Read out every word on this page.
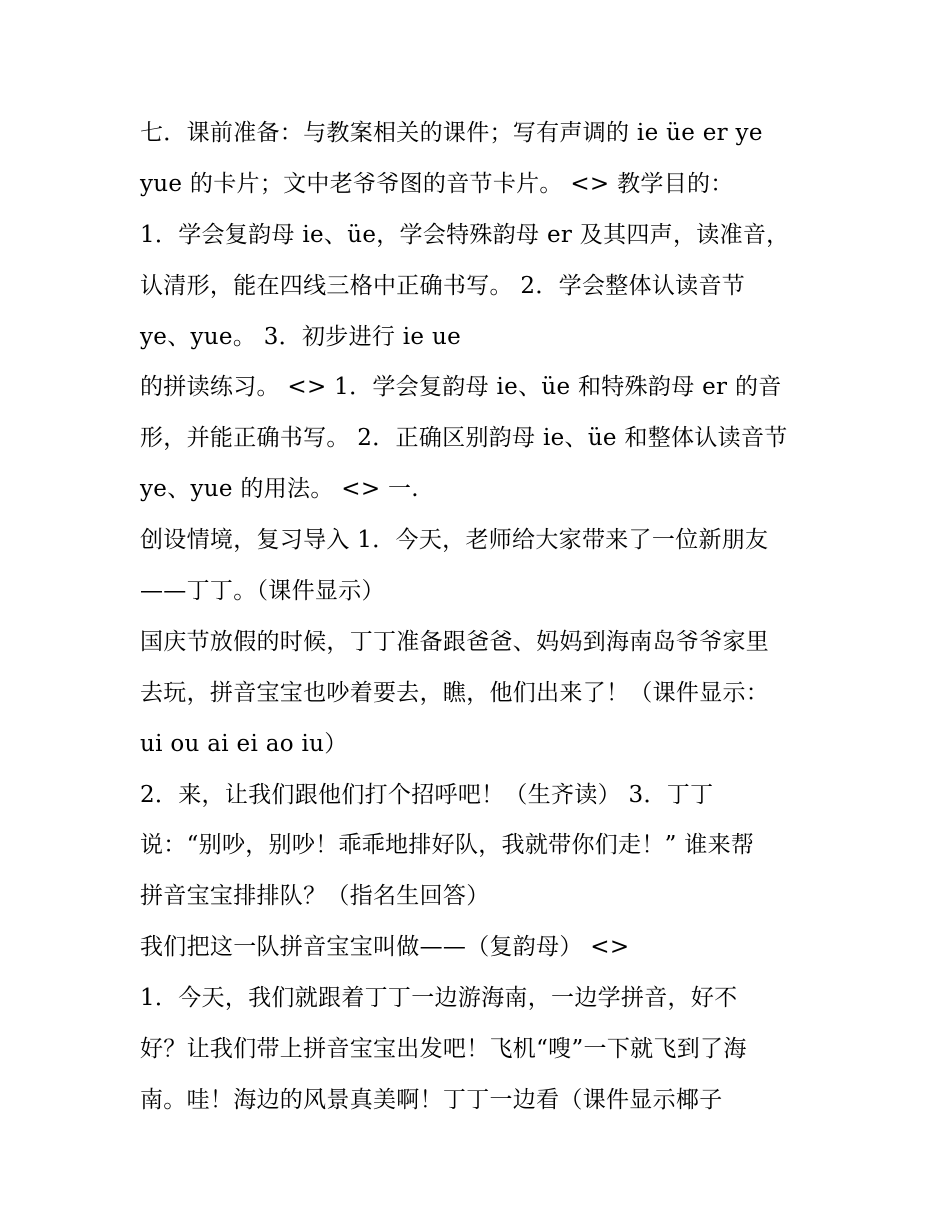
七．课前准备：与教案相关的课件；写有声调的 ie üe er ye
yue 的卡片；文中老爷爷图的音节卡片。 <> 教学目的：
1．学会复韵母 ie、üe，学会特殊韵母 er 及其四声，读准音，
认清形，能在四线三格中正确书写。 2．学会整体认读音节
ye、yue。 3．初步进行 ie ue
的拼读练习。 <> 1．学会复韵母 ie、üe 和特殊韵母 er 的音
形，并能正确书写。 2．正确区别韵母 ie、üe 和整体认读音节
ye、yue 的用法。 <> 一.
创设情境，复习导入 1．今天，老师给大家带来了一位新朋友
——丁丁。（课件显示）
国庆节放假的时候，丁丁准备跟爸爸、妈妈到海南岛爷爷家里
去玩，拼音宝宝也吵着要去，瞧，他们出来了！（课件显示：
ui ou ai ei ao iu）
2．来，让我们跟他们打个招呼吧！（生齐读） 3．丁丁
说：“别吵，别吵！乖乖地排好队，我就带你们走！” 谁来帮
拼音宝宝排排队？（指名生回答）
我们把这一队拼音宝宝叫做——（复韵母） <>
1．今天，我们就跟着丁丁一边游海南，一边学拼音，好不
好？让我们带上拼音宝宝出发吧！飞机“嗖”一下就飞到了海
南。哇！海边的风景真美啊！丁丁一边看（课件显示椰子
